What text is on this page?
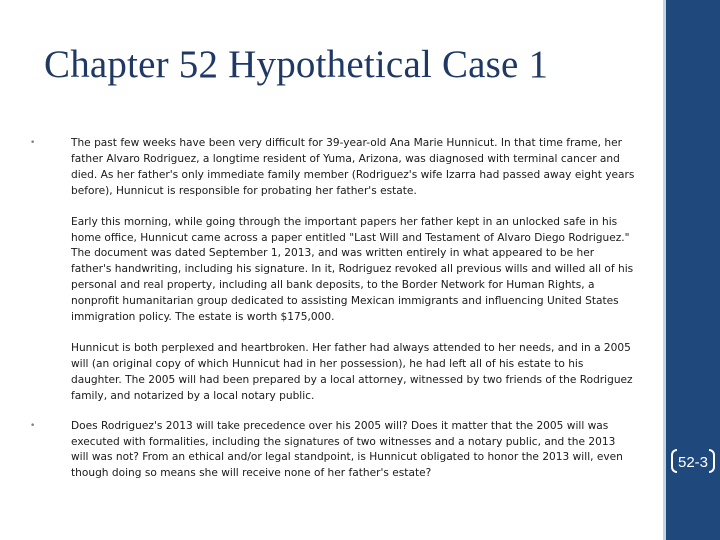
Chapter 52 Hypothetical Case 1

•	The past few weeks have been very difficult for 39-year-old Ana Marie Hunnicut. In that time frame, her father Alvaro Rodriguez, a longtime resident of Yuma, Arizona, was diagnosed with terminal cancer and died. As her father's only immediate family member (Rodriguez's wife Izarra had passed away eight years before), Hunnicut is responsible for probating her father's estate.

Early this morning, while going through the important papers her father kept in an unlocked safe in his home office, Hunnicut came across a paper entitled "Last Will and Testament of Alvaro Diego Rodriguez." The document was dated September 1, 2013, and was written entirely in what appeared to be her father's handwriting, including his signature. In it, Rodriguez revoked all previous wills and willed all of his personal and real property, including all bank deposits, to the Border Network for Human Rights, a nonprofit humanitarian group dedicated to assisting Mexican immigrants and influencing United States immigration policy. The estate is worth $175,000.

Hunnicut is both perplexed and heartbroken. Her father had always attended to her needs, and in a 2005 will (an original copy of which Hunnicut had in her possession), he had left all of his estate to his daughter. The 2005 will had been prepared by a local attorney, witnessed by two friends of the Rodriguez family, and notarized by a local notary public.

•	Does Rodriguez's 2013 will take precedence over his 2005 will? Does it matter that the 2005 will was executed with formalities, including the signatures of two witnesses and a notary public, and the 2013 will was not? From an ethical and/or legal standpoint, is Hunnicut obligated to honor the 2013 will, even though doing so means she will receive none of her father's estate?

52-3
